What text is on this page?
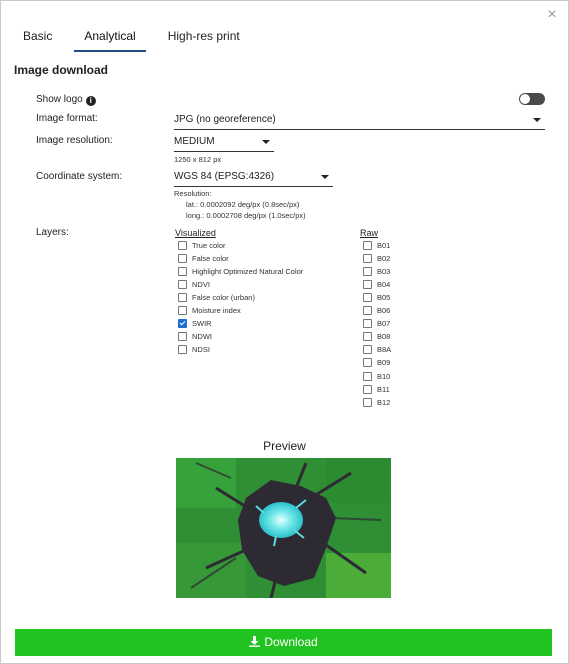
×
Basic	Analytical	High-res print
Image download
Show logo i
Image format:	JPG (no georeference)
Image resolution:	MEDIUM
1250 x 812 px
Coordinate system:	WGS 84 (EPSG:4326)
Resolution:
lat.: 0.0002092 deg/px (0.8sec/px)
long.: 0.0002708 deg/px (1.0sec/px)
Layers:	Visualized	Raw
True color
False color
Highlight Optimized Natural Color
NDVI
False color (urban)
Moisture index
SWIR
NDWI
NDSI
B01
B02
B03
B04
B05
B06
B07
B08
B8A
B09
B10
B11
B12
Preview
Download
